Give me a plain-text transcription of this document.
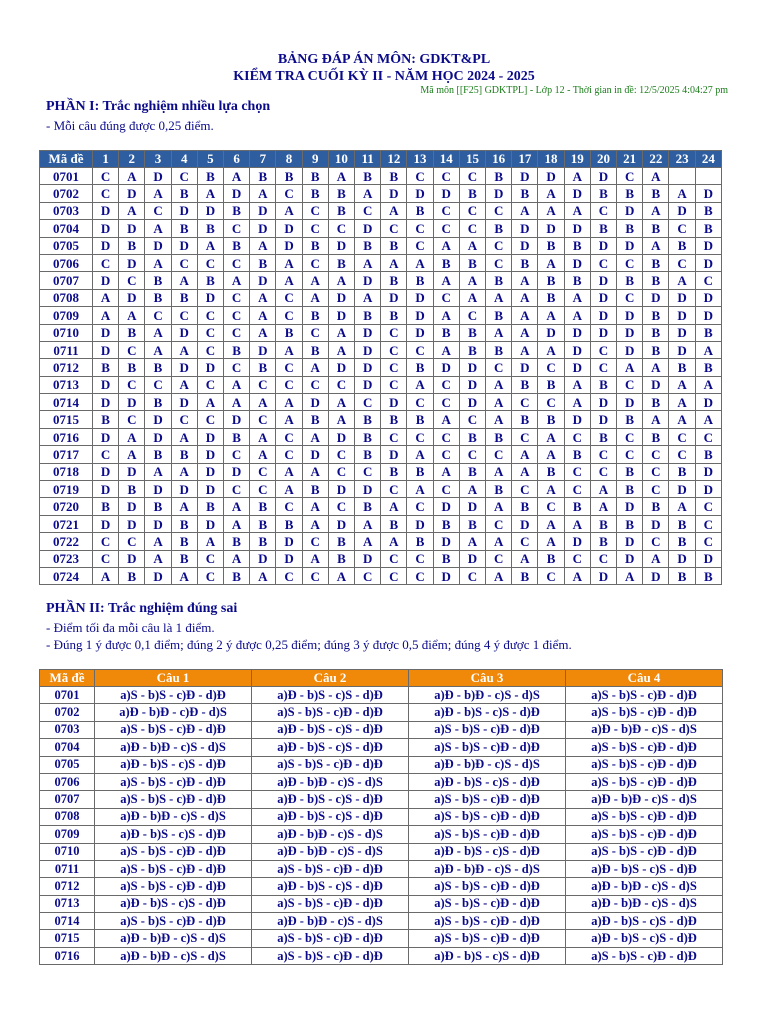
BẢNG ĐÁP ÁN MÔN: GDKT&PL
KIỂM TRA CUỐI KỲ II - NĂM HỌC 2024 - 2025
Mã môn [[F25] GDKTPL] - Lớp 12 - Thời gian in đề: 12/5/2025 4:04:27 pm
PHẦN I: Trắc nghiệm nhiều lựa chọn
- Mỗi câu đúng được 0,25 điểm.
Mã đề	1	2	3	4	5	6	7	8	9	10	11	12	13	14	15	16	17	18	19	20	21	22	23	24
0701	C	A	D	C	B	A	B	B	B	A	B	B	C	C	C	B	D	D	A	D	C	A		
0702	C	D	A	B	A	D	A	C	B	B	A	D	D	D	B	D	B	A	D	B	B	B	A	D
0703	D	A	C	D	D	B	D	A	C	B	C	A	B	C	C	C	A	A	A	C	D	A	D	B
0704	D	D	A	B	B	C	D	D	C	C	D	C	C	C	C	B	D	D	D	B	B	B	C	B
0705	D	B	D	D	A	B	A	D	B	D	B	B	C	A	A	C	D	B	B	D	D	A	B	D
0706	C	D	A	C	C	C	B	A	C	B	A	A	A	B	B	C	B	A	D	C	C	B	C	D
0707	D	C	B	A	B	A	D	A	A	A	D	B	B	A	A	B	A	B	B	D	B	B	A	C
0708	A	D	B	B	D	C	A	C	A	D	A	D	D	C	A	A	A	B	A	D	C	D	D	D
0709	A	A	C	C	C	C	A	C	B	D	B	B	D	A	C	B	A	A	A	D	D	B	D	D
0710	D	B	A	D	C	C	A	B	C	A	D	C	D	B	B	A	A	D	D	D	D	B	D	B
0711	D	C	A	A	C	B	D	A	B	A	D	C	C	A	B	B	A	A	D	C	D	B	D	A
0712	B	B	B	D	D	C	B	C	A	D	D	C	B	D	D	C	D	C	D	C	A	A	B	B
0713	D	C	C	A	C	A	C	C	C	C	D	C	A	C	D	A	B	B	A	B	C	D	A	A
0714	D	D	B	D	A	A	A	A	D	A	C	D	C	C	D	A	C	C	A	D	D	B	A	D
0715	B	C	D	C	C	D	C	A	B	A	B	B	B	A	C	A	B	B	D	D	B	A	A	A
0716	D	A	D	A	D	B	A	C	A	D	B	C	C	C	B	B	C	A	C	B	C	B	C	C
0717	C	A	B	B	D	C	A	C	D	C	B	D	A	C	C	C	A	A	B	C	C	C	C	B
0718	D	D	A	A	D	D	C	A	A	C	C	B	B	A	B	A	A	B	C	C	B	C	B	D
0719	D	B	D	D	D	C	C	A	B	D	D	C	A	C	A	B	C	A	C	A	B	C	D	D
0720	B	D	B	A	B	A	B	C	A	C	B	A	C	D	D	A	B	C	B	A	D	B	A	C
0721	D	D	D	B	D	A	B	B	A	D	A	B	D	B	B	C	D	A	A	B	B	D	B	C
0722	C	C	A	B	A	B	B	D	C	B	A	A	B	D	A	A	C	A	D	B	D	C	B	C
0723	C	D	A	B	C	A	D	D	A	B	D	C	C	B	D	C	A	B	C	C	D	A	D	D
0724	A	B	D	A	C	B	A	C	C	A	C	C	C	D	C	A	B	C	A	D	A	D	B	B
PHẦN II: Trắc nghiệm đúng sai
- Điểm tối đa mỗi câu là 1 điểm.
- Đúng 1 ý được 0,1 điểm; đúng 2 ý được 0,25 điểm; đúng 3 ý được 0,5 điểm; đúng 4 ý được 1 điểm.
Mã đề	Câu 1	Câu 2	Câu 3	Câu 4
0701	a)S - b)S - c)Đ - d)Đ	a)Đ - b)S - c)S - d)Đ	a)Đ - b)Đ - c)S - d)S	a)S - b)S - c)Đ - d)Đ
0702	a)Đ - b)Đ - c)Đ - d)S	a)S - b)S - c)Đ - d)Đ	a)Đ - b)S - c)S - d)Đ	a)S - b)S - c)Đ - d)Đ
0703	a)S - b)S - c)Đ - d)Đ	a)Đ - b)S - c)S - d)Đ	a)S - b)S - c)Đ - d)Đ	a)Đ - b)Đ - c)S - d)S
0704	a)Đ - b)Đ - c)S - d)S	a)Đ - b)S - c)S - d)Đ	a)S - b)S - c)Đ - d)Đ	a)S - b)S - c)Đ - d)Đ
0705	a)Đ - b)S - c)S - d)Đ	a)S - b)S - c)Đ - d)Đ	a)Đ - b)Đ - c)S - d)S	a)S - b)S - c)Đ - d)Đ
0706	a)S - b)S - c)Đ - d)Đ	a)Đ - b)Đ - c)S - d)S	a)Đ - b)S - c)S - d)Đ	a)S - b)S - c)Đ - d)Đ
0707	a)S - b)S - c)Đ - d)Đ	a)Đ - b)S - c)S - d)Đ	a)S - b)S - c)Đ - d)Đ	a)Đ - b)Đ - c)S - d)S
0708	a)Đ - b)Đ - c)S - d)S	a)Đ - b)S - c)S - d)Đ	a)S - b)S - c)Đ - d)Đ	a)S - b)S - c)Đ - d)Đ
0709	a)Đ - b)S - c)S - d)Đ	a)Đ - b)Đ - c)S - d)S	a)S - b)S - c)Đ - d)Đ	a)S - b)S - c)Đ - d)Đ
0710	a)S - b)S - c)Đ - d)Đ	a)Đ - b)Đ - c)S - d)S	a)Đ - b)S - c)S - d)Đ	a)S - b)S - c)Đ - d)Đ
0711	a)S - b)S - c)Đ - d)Đ	a)S - b)S - c)Đ - d)Đ	a)Đ - b)Đ - c)S - d)S	a)Đ - b)S - c)S - d)Đ
0712	a)S - b)S - c)Đ - d)Đ	a)Đ - b)S - c)S - d)Đ	a)S - b)S - c)Đ - d)Đ	a)Đ - b)Đ - c)S - d)S
0713	a)Đ - b)S - c)S - d)Đ	a)S - b)S - c)Đ - d)Đ	a)S - b)S - c)Đ - d)Đ	a)Đ - b)Đ - c)S - d)S
0714	a)S - b)S - c)Đ - d)Đ	a)Đ - b)Đ - c)S - d)S	a)S - b)S - c)Đ - d)Đ	a)Đ - b)S - c)S - d)Đ
0715	a)Đ - b)Đ - c)S - d)S	a)S - b)S - c)Đ - d)Đ	a)S - b)S - c)Đ - d)Đ	a)Đ - b)S - c)S - d)Đ
0716	a)Đ - b)Đ - c)S - d)S	a)S - b)S - c)Đ - d)Đ	a)Đ - b)S - c)S - d)Đ	a)S - b)S - c)Đ - d)Đ
